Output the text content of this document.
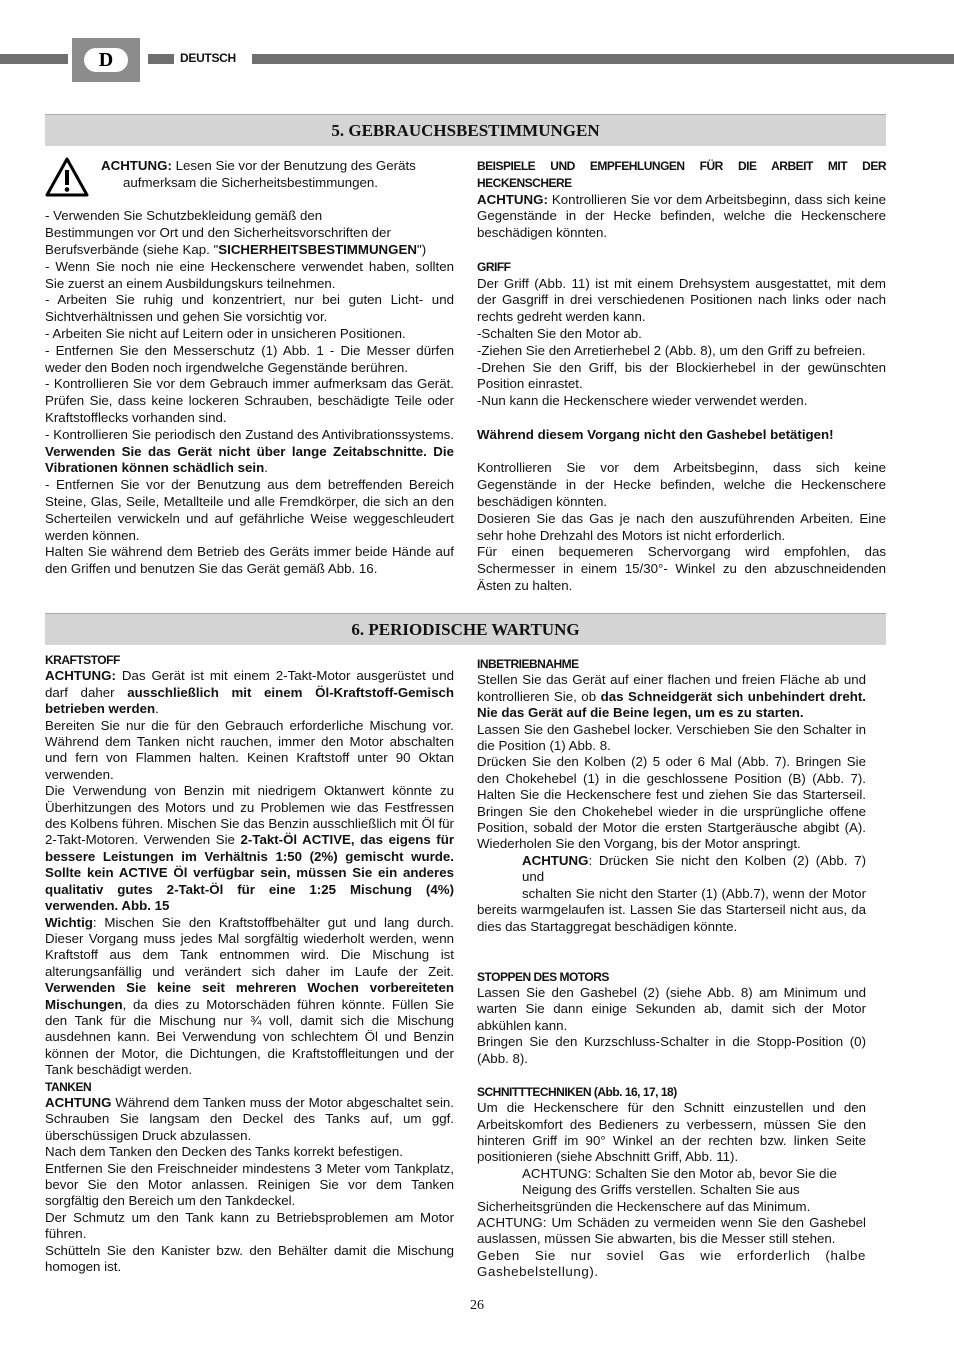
D	DEUTSCH
5. GEBRAUCHSBESTIMMUNGEN

ACHTUNG: Lesen Sie vor der Benutzung des Geräts

aufmerksam die Sicherheitsbestimmungen.

- Verwenden Sie Schutzbekleidung gemäß den

Bestimmungen vor Ort und den Sicherheitsvorschriften der

Berufsverbände (siehe Kap. "SICHERHEITSBESTIMMUNGEN")

- Wenn Sie noch nie eine Heckenschere verwendet haben, sollten Sie zuerst an einem Ausbildungskurs teilnehmen.

- Arbeiten Sie ruhig und konzentriert, nur bei guten Licht- und Sichtverhältnissen und gehen Sie vorsichtig vor.

- Arbeiten Sie nicht auf Leitern oder in unsicheren Positionen.

- Entfernen Sie den Messerschutz (1) Abb. 1 - Die Messer dürfen weder den Boden noch irgendwelche Gegenstände berühren.

- Kontrollieren Sie vor dem Gebrauch immer aufmerksam das Gerät. Prüfen Sie, dass keine lockeren Schrauben, beschädigte Teile oder Kraftstofflecks vorhanden sind.

- Kontrollieren Sie periodisch den Zustand des Antivibrationssystems. Verwenden Sie das Gerät nicht über lange Zeitabschnitte. Die Vibrationen können schädlich sein.

- Entfernen Sie vor der Benutzung aus dem betreffenden Bereich Steine, Glas, Seile, Metallteile und alle Fremdkörper, die sich an den Scherteilen verwickeln und auf gefährliche Weise weggeschleudert werden können.

Halten Sie während dem Betrieb des Geräts immer beide Hände auf den Griffen und benutzen Sie das Gerät gemäß Abb. 16.

BEISPIELE UND EMPFEHLUNGEN FÜR DIE ARBEIT MIT DER HECKENSCHERE

ACHTUNG: Kontrollieren Sie vor dem Arbeitsbeginn, dass sich keine Gegenstände in der Hecke befinden, welche die Heckenschere beschädigen könnten.

GRIFF

Der Griff (Abb. 11) ist mit einem Drehsystem ausgestattet, mit dem der Gasgriff in drei verschiedenen Positionen nach links oder nach rechts gedreht werden kann.

-Schalten Sie den Motor ab.

-Ziehen Sie den Arretierhebel 2 (Abb. 8), um den Griff zu befreien.

-Drehen Sie den Griff, bis der Blockierhebel in der gewünschten Position einrastet.

-Nun kann die Heckenschere wieder verwendet werden.

Während diesem Vorgang nicht den Gashebel betätigen!

Kontrollieren Sie vor dem Arbeitsbeginn, dass sich keine Gegenstände in der Hecke befinden, welche die Heckenschere beschädigen könnten.

Dosieren Sie das Gas je nach den auszuführenden Arbeiten. Eine sehr hohe Drehzahl des Motors ist nicht erforderlich.

Für einen bequemeren Schervorgang wird empfohlen, das Schermesser in einem 15/30°- Winkel zu den abzuschneidenden Ästen zu halten.

6. PERIODISCHE WARTUNG

KRAFTSTOFF

ACHTUNG: Das Gerät ist mit einem 2-Takt-Motor ausgerüstet und darf daher ausschließlich mit einem Öl-Kraftstoff-Gemisch betrieben werden.

Bereiten Sie nur die für den Gebrauch erforderliche Mischung vor. Während dem Tanken nicht rauchen, immer den Motor abschalten und fern von Flammen halten. Keinen Kraftstoff unter 90 Oktan verwenden.

Die Verwendung von Benzin mit niedrigem Oktanwert könnte zu Überhitzungen des Motors und zu Problemen wie das Festfressen des Kolbens führen. Mischen Sie das Benzin ausschließlich mit Öl für 2-Takt-Motoren. Verwenden Sie 2-Takt-Öl ACTIVE, das eigens für bessere Leistungen im Verhältnis 1:50 (2%) gemischt wurde. Sollte kein ACTIVE Öl verfügbar sein, müssen Sie ein anderes qualitativ gutes 2-Takt-Öl für eine 1:25 Mischung (4%) verwenden. Abb. 15

Wichtig: Mischen Sie den Kraftstoffbehälter gut und lang durch. Dieser Vorgang muss jedes Mal sorgfältig wiederholt werden, wenn Kraftstoff aus dem Tank entnommen wird. Die Mischung ist alterungsanfällig und verändert sich daher im Laufe der Zeit. Verwenden Sie keine seit mehreren Wochen vorbereiteten Mischungen, da dies zu Motorschäden führen könnte. Füllen Sie den Tank für die Mischung nur ¾ voll, damit sich die Mischung ausdehnen kann. Bei Verwendung von schlechtem Öl und Benzin können der Motor, die Dichtungen, die Kraftstoffleitungen und der Tank beschädigt werden.

TANKEN

ACHTUNG Während dem Tanken muss der Motor abgeschaltet sein. Schrauben Sie langsam den Deckel des Tanks auf, um ggf. überschüssigen Druck abzulassen.

Nach dem Tanken den Decken des Tanks korrekt befestigen.

Entfernen Sie den Freischneider mindestens 3 Meter vom Tankplatz, bevor Sie den Motor anlassen. Reinigen Sie vor dem Tanken sorgfältig den Bereich um den Tankdeckel.

Der Schmutz um den Tank kann zu Betriebsproblemen am Motor führen.

Schütteln Sie den Kanister bzw. den Behälter damit die Mischung homogen ist.

INBETRIEBNAHME

Stellen Sie das Gerät auf einer flachen und freien Fläche ab und kontrollieren Sie, ob das Schneidgerät sich unbehindert dreht. Nie das Gerät auf die Beine legen, um es zu starten.

Lassen Sie den Gashebel locker. Verschieben Sie den Schalter in die Position (1) Abb. 8.

Drücken Sie den Kolben (2) 5 oder 6 Mal (Abb. 7). Bringen Sie den Chokehebel (1) in die geschlossene Position (B) (Abb. 7). Halten Sie die Heckenschere fest und ziehen Sie das Starterseil. Bringen Sie den Chokehebel wieder in die ursprüngliche offene Position, sobald der Motor die ersten Startgeräusche abgibt (A). Wiederholen Sie den Vorgang, bis der Motor anspringt.

ACHTUNG: Drücken Sie nicht den Kolben (2) (Abb. 7) und

schalten Sie nicht den Starter (1) (Abb.7), wenn der Motor bereits warmgelaufen ist. Lassen Sie das Starterseil nicht aus, da dies das Startaggregat beschädigen könnte.

STOPPEN DES MOTORS

Lassen Sie den Gashebel (2) (siehe Abb. 8) am Minimum und warten Sie dann einige Sekunden ab, damit sich der Motor abkühlen kann.

Bringen Sie den Kurzschluss-Schalter in die Stopp-Position (0) (Abb. 8).

SCHNITTTECHNIKEN (Abb. 16, 17, 18)

Um die Heckenschere für den Schnitt einzustellen und den Arbeitskomfort des Bedieners zu verbessern, müssen Sie den hinteren Griff im 90° Winkel an der rechten bzw. linken Seite positionieren (siehe Abschnitt Griff, Abb. 11).

ACHTUNG: Schalten Sie den Motor ab, bevor Sie die

Neigung des Griffs verstellen. Schalten Sie aus

Sicherheitsgründen die Heckenschere auf das Minimum.

ACHTUNG: Um Schäden zu vermeiden wenn Sie den Gashebel auslassen, müssen Sie abwarten, bis die Messer still stehen.

Geben Sie nur soviel Gas wie erforderlich (halbe Gashebelstellung).

26
